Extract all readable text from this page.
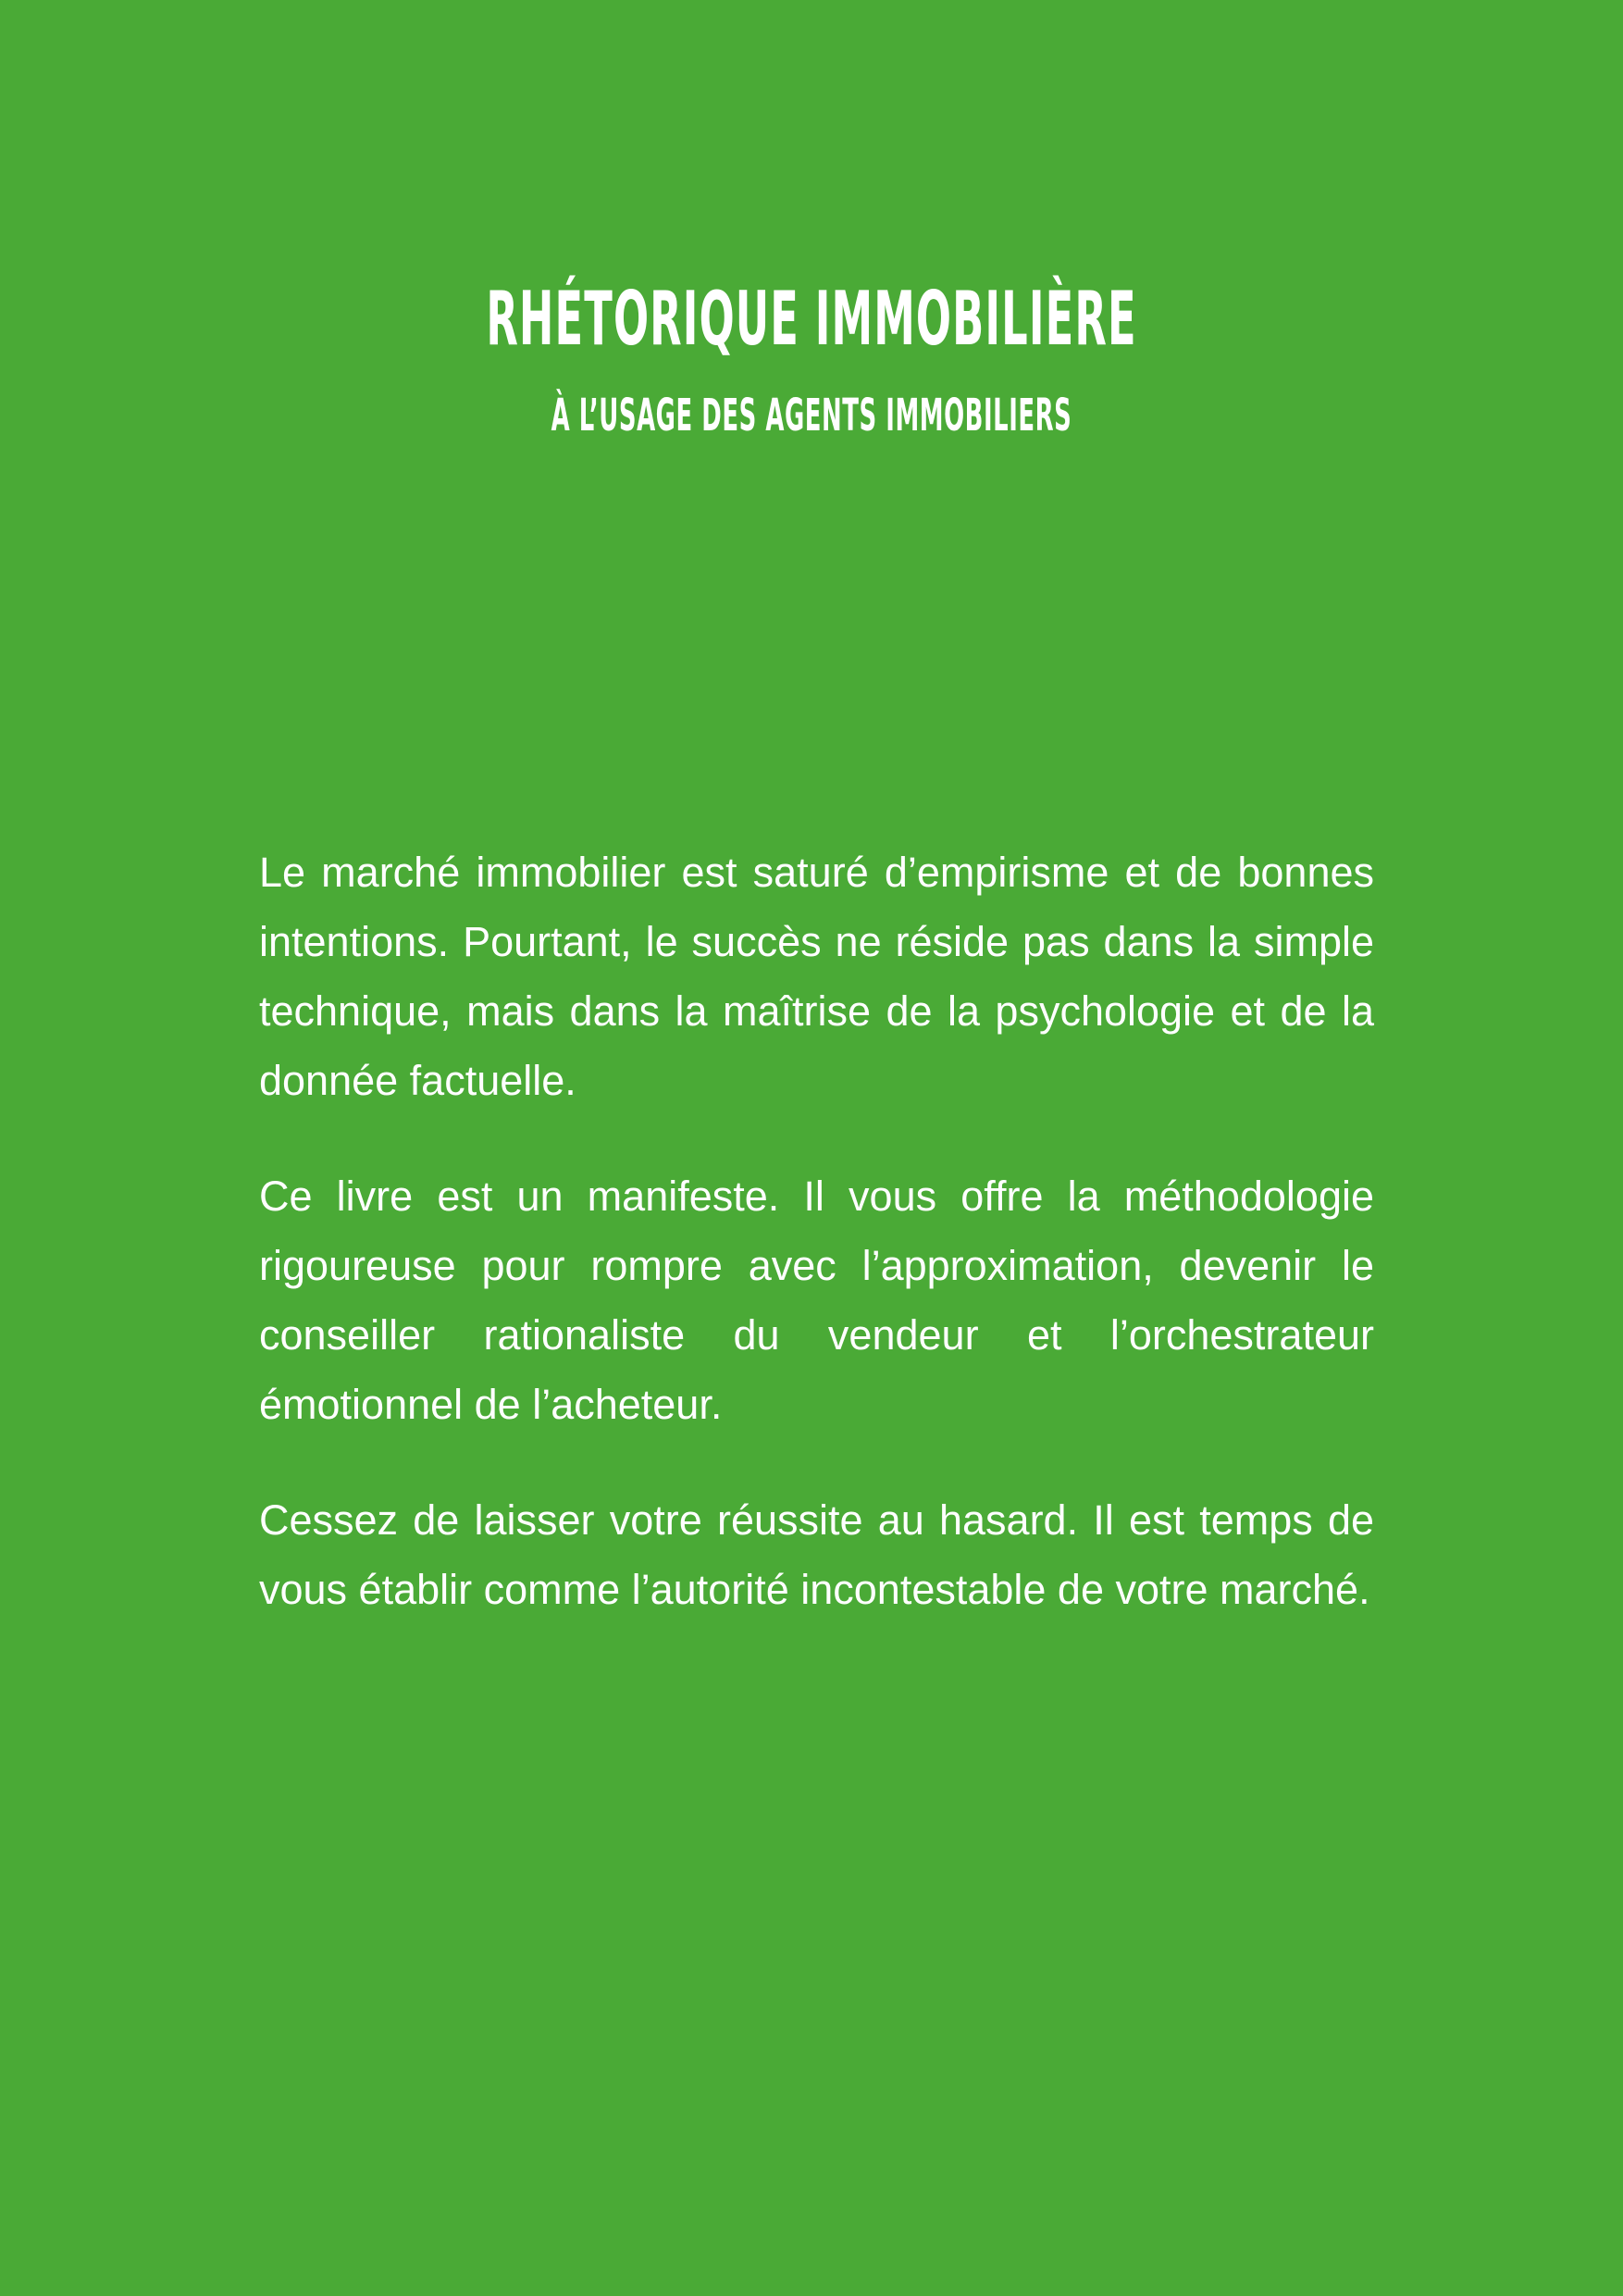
RHÉTORIQUE IMMOBILIÈRE
À L’USAGE DES AGENTS IMMOBILIERS

Le marché immobilier est saturé d’empirisme et de bonnes intentions. Pourtant, le succès ne réside pas dans la simple technique, mais dans la maîtrise de la psychologie et de la donnée factuelle.

Ce livre est un manifeste. Il vous offre la méthodologie rigoureuse pour rompre avec l’approximation, devenir le conseiller rationaliste du vendeur et l’orchestrateur émotionnel de l’acheteur.

Cessez de laisser votre réussite au hasard. Il est temps de vous établir comme l’autorité incontestable de votre marché.
